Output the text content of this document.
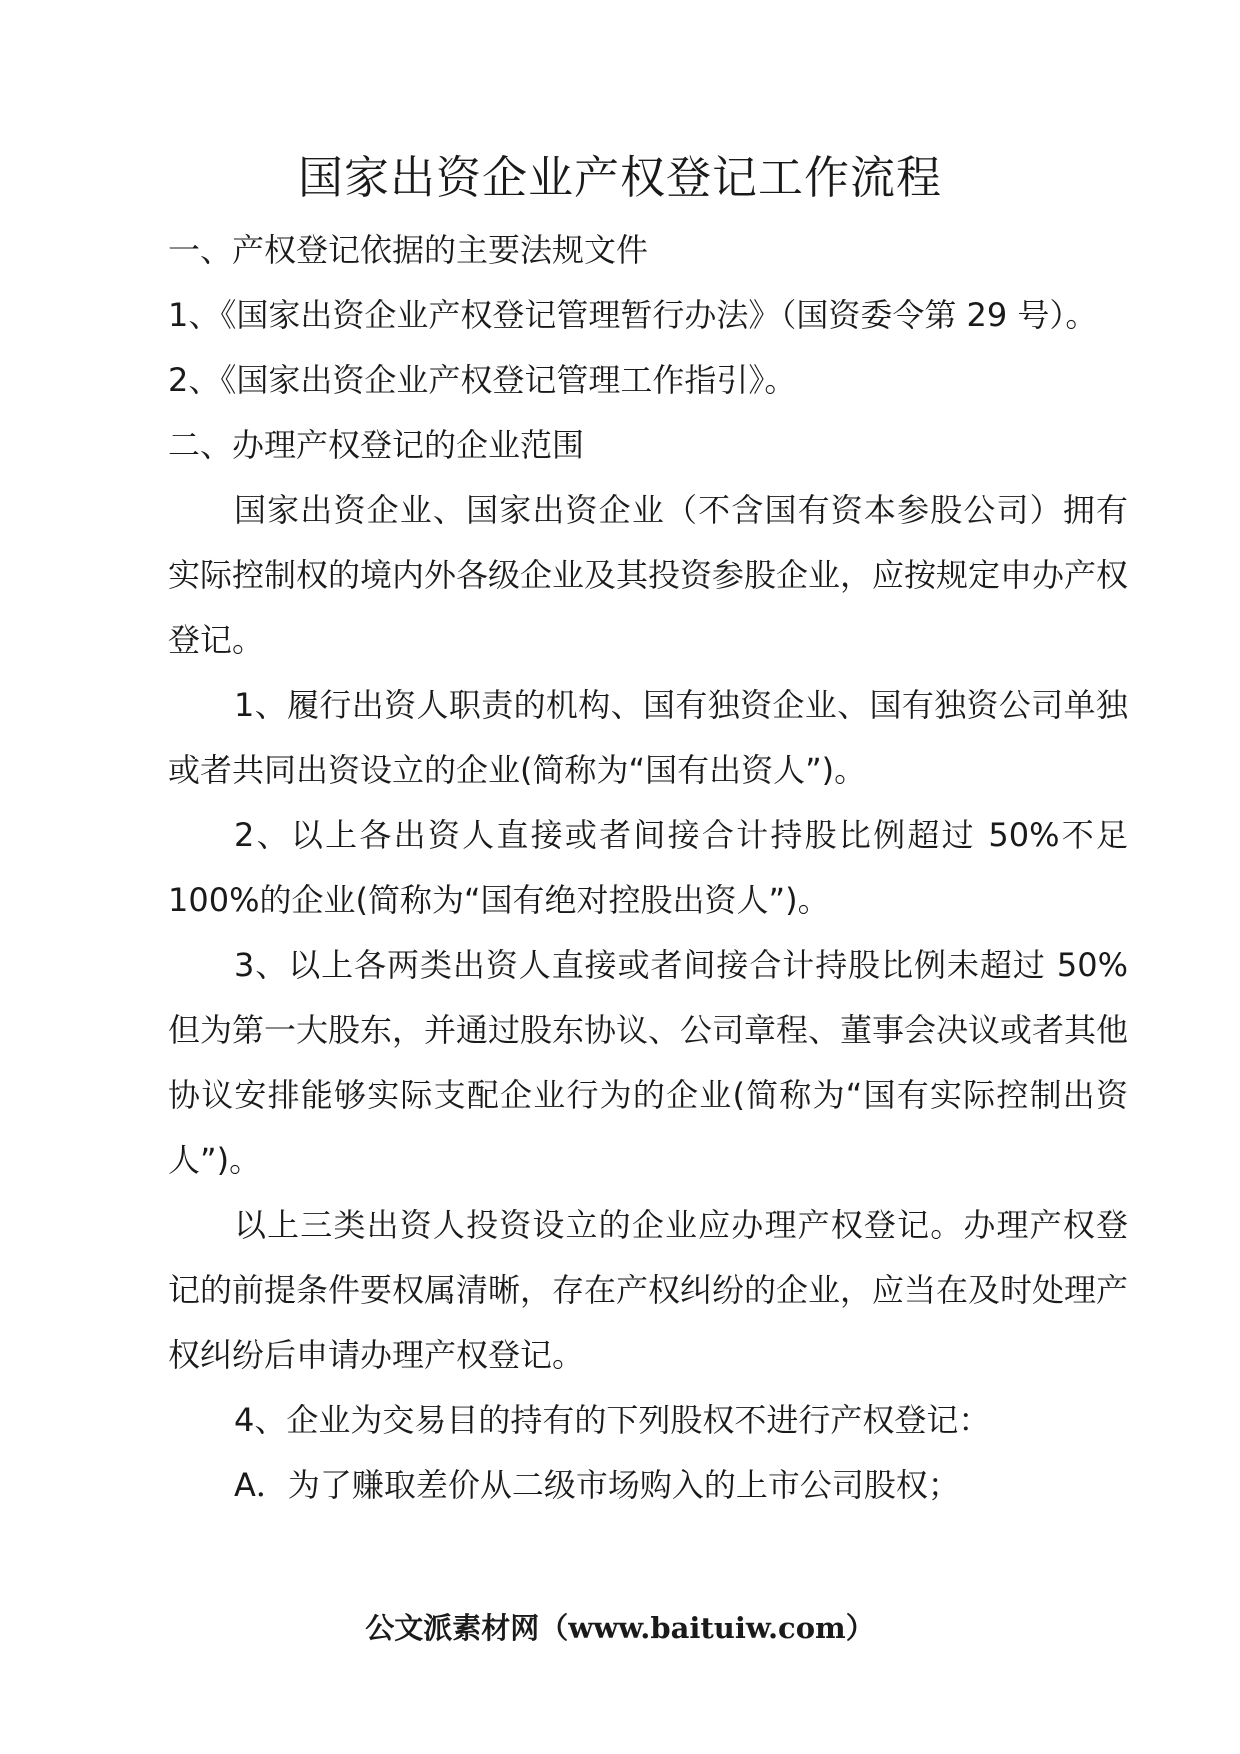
国家出资企业产权登记工作流程

一、产权登记依据的主要法规文件

1、《国家出资企业产权登记管理暂行办法》（国资委令第 29 号）。

2、《国家出资企业产权登记管理工作指引》。

二、办理产权登记的企业范围

国家出资企业、国家出资企业（不含国有资本参股公司）拥有实际控制权的境内外各级企业及其投资参股企业，应按规定申办产权登记。

1、履行出资人职责的机构、国有独资企业、国有独资公司单独或者共同出资设立的企业(简称为“国有出资人”)。

2、以上各出资人直接或者间接合计持股比例超过 50%不足 100%的企业(简称为“国有绝对控股出资人”)。

3、以上各两类出资人直接或者间接合计持股比例未超过 50%但为第一大股东，并通过股东协议、公司章程、董事会决议或者其他协议安排能够实际支配企业行为的企业(简称为“国有实际控制出资人”)。

以上三类出资人投资设立的企业应办理产权登记。办理产权登记的前提条件要权属清晰，存在产权纠纷的企业，应当在及时处理产权纠纷后申请办理产权登记。

4、企业为交易目的持有的下列股权不进行产权登记：

A．为了赚取差价从二级市场购入的上市公司股权；

公文派素材网（www.baituiw.com）
